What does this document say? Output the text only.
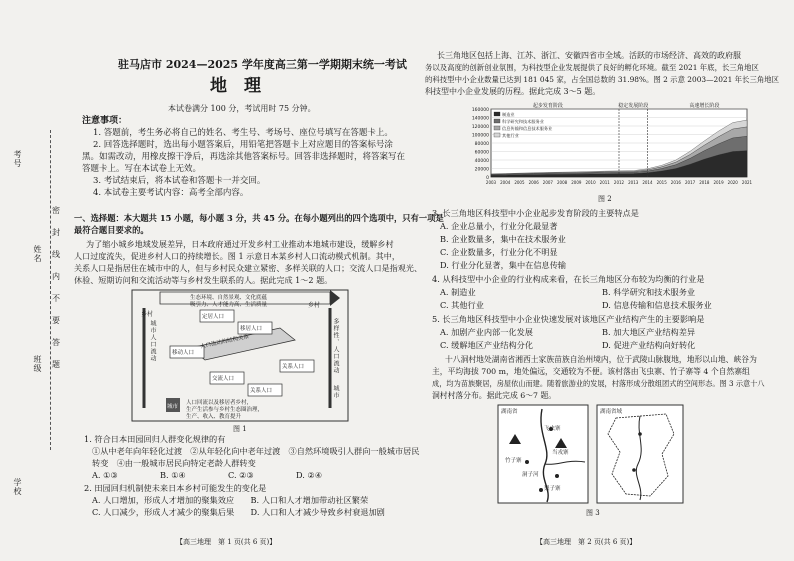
考号
姓名
班级
学校
密
封
线
内
不
要
答
题
驻马店市 2024—2025 学年度高三第一学期期末统一考试
地　理
本试卷满分 100 分，考试用时 75 分钟。
注意事项：
1. 答题前，考生务必将自己的姓名、考生号、考场号、座位号填写在答题卡上。
2. 回答选择题时，选出每小题答案后，用铅笔把答题卡上对应题目的答案标号涂
黑。如需改动，用橡皮擦干净后，再选涂其他答案标号。回答非选择题时，将答案写在
答题卡上。写在本试卷上无效。
3. 考试结束后，将本试卷和答题卡一并交回。
4. 本试卷主要考试内容：高考全部内容。
一、选择题：本大题共 15 小题，每小题 3 分，共 45 分。在每小题列出的四个选项中，只有一项是
最符合题目要求的。
为了缩小城乡地域发展差异，日本政府通过开发乡村工业推动本地城市建设，缓解乡村
人口过度流失，促进乡村人口的持续增长。图 1 示意日本某乡村人口流动模式机制。其中，
关系人口是指居住在城市中的人，但与乡村民众建立紧密、多样关联的人口；交流人口是指观光、
休验、短期访问和交流活动等与乡村发生联系的人。据此完成 1～2 题。
乡村
生态环境、自然景观、文化底蕴
吸引力、人才能力高、生活质量	乡村
定居人口
移居人口
移动人口
关系人口
交流人口
关系人口
人口流动的结构关系
城市人口流动	多样性、人口流动
城市
城市
人口回流以及移居者乡村，
生产生活参与乡村生态圈治理，
生产、收入、教育提升
图 1
1. 符合日本田园回归人群变化规律的有
①从中老年向年轻化过渡　②从年轻化向中老年过渡　③自然环境吸引人群向一般城市居民
转变　④由一般城市居民向特定老龄人群转变
A. ①③	B. ①④	C. ②③	D. ②④
2. 田园回归机制使未来日本乡村可能发生的变化是
A. 人口增加，形成人才增加的聚集效应　　B. 人口和人才增加带动社区繁荣
C. 人口减少，形成人才减少的聚集后果　　D. 人口和人才减少导致乡村衰退加剧
【高三地理　第 1 页(共 6 页)】
长三角地区包括上海、江苏、浙江、安徽四省市全域。活跃的市场经济、高效的政府服
务以及高度的创新创业氛围，为科技型企业发展提供了良好的孵化环境。截至 2021 年底，长三角地区
的科技型中小企业数量已达到 181 045 家，占全国总数的 31.98%。图 2 示意 2003—2021 年长三角地区
科技型中小企业发展的历程。据此完成 3～5 题。
0
20000
40000
60000
80000
100000
120000
140000
160000
起步发育阶段	稳定发展阶段	高速增长阶段
2003 2004 2005 2006 2007 2008 2009 2010 2011 2012 2013 2014 2015 2016 2017 2018 2019 2020 2021
制造业
科学研究和技术服务业
信息传输和信息技术服务业
其他行业
图 2
3. 长三角地区科技型中小企业起步发育阶段的主要特点是
A. 企业总量小，行业分化最显著
B. 企业数量多，集中在技术服务业
C. 企业数量多，行业分化不明显
D. 行业分化显著，集中在信息传输
4. 从科技型中小企业的行业构成来看，在长三角地区分布较为均衡的行业是
A. 制造业	B. 科学研究和技术服务业
C. 其他行业	D. 信息传输和信息技术服务业
5. 长三角地区科技型中小企业快速发展对该地区产业结构产生的主要影响是
A. 加剧产业内部一化发展	B. 加大地区产业结构差异
C. 缓解地区产业结构分化	D. 促进产业结构向好转化
十八洞村地处湖南省湘西土家族苗族自治州境内，位于武陵山脉腹地，地形以山地、峡谷为
主，平均海拔 700 m，地处偏远，交通较为不便。该村落由飞虫寨、竹子寨等 4 个自然寨组
成，均为苗族聚居，房屋依山而建。随着旅游业的发展，村落形成分散组团式的空间形态。图 3 示意十八
洞村村落分布。据此完成 6～7 题。
湖南省
飞虫寨
竹子寨
当戎寨
梨子寨
洞子河
湖南省域
图 3
【高三地理　第 2 页(共 6 页)】
